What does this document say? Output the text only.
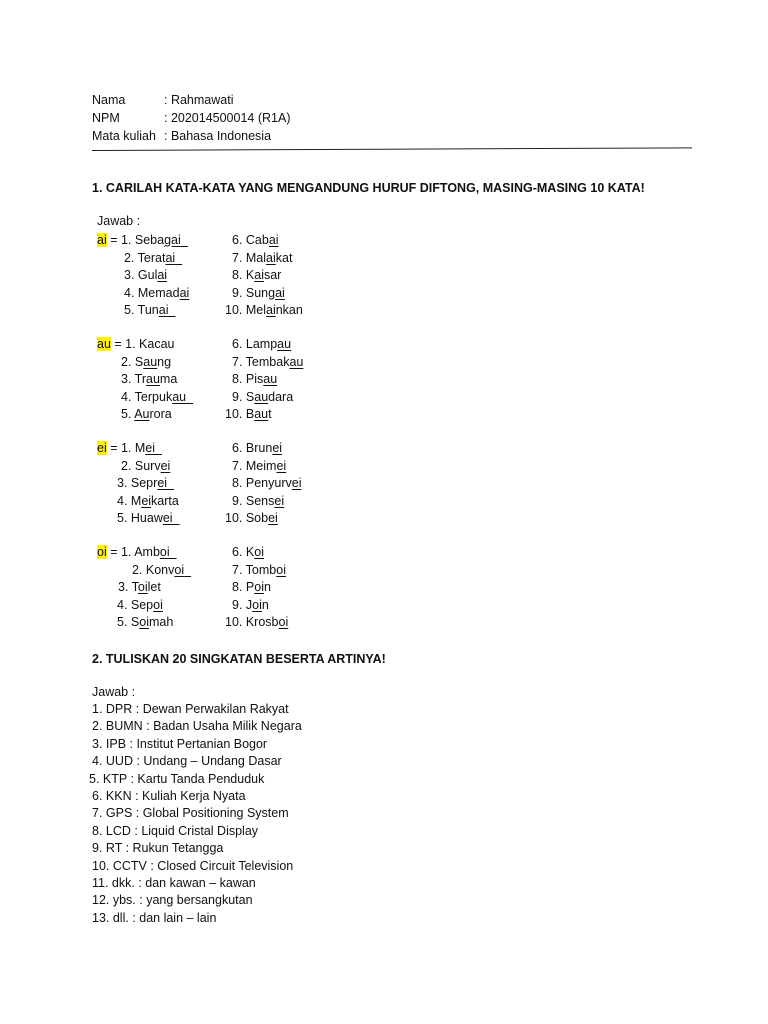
Nama	: Rahmawati
NPM	: 202014500014 (R1A)
Mata kuliah : Bahasa Indonesia
1. CARILAH KATA-KATA YANG MENGANDUNG HURUF DIFTONG, MASING-MASING 10 KATA!
Jawab :
ai = 1. Sebagai
2. Teratai
3. Gulai
4. Memadai
5. Tunai
6. Cabai
7. Malaikat
8. Kaisar
9. Sungai
10. Melainkan
au = 1. Kacau
2. Saung
3. Trauma
4. Terpukau
5. Aurora
6. Lampau
7. Tembakau
8. Pisau
9. Saudara
10. Baut
ei = 1. Mei
2. Survei
3. Seprei
4. Meikarta
5. Huawei
6. Brunei
7. Meimei
8. Penyurvei
9. Sensei
10. Sobei
oi = 1. Amboi
2. Konvoi
3. Toilet
4. Sepoi
5. Soimah
6. Koi
7. Tomboi
8. Poin
9. Join
10. Krosboi
2. TULISKAN 20 SINGKATAN BESERTA ARTINYA!
Jawab :
1. DPR : Dewan Perwakilan Rakyat
2. BUMN : Badan Usaha Milik Negara
3. IPB : Institut Pertanian Bogor
4. UUD : Undang – Undang Dasar
5. KTP : Kartu Tanda Penduduk
6. KKN : Kuliah Kerja Nyata
7. GPS : Global Positioning System
8. LCD : Liquid Cristal Display
9. RT : Rukun Tetangga
10. CCTV : Closed Circuit Television
11. dkk. : dan kawan – kawan
12. ybs. : yang bersangkutan
13. dll. : dan lain – lain
